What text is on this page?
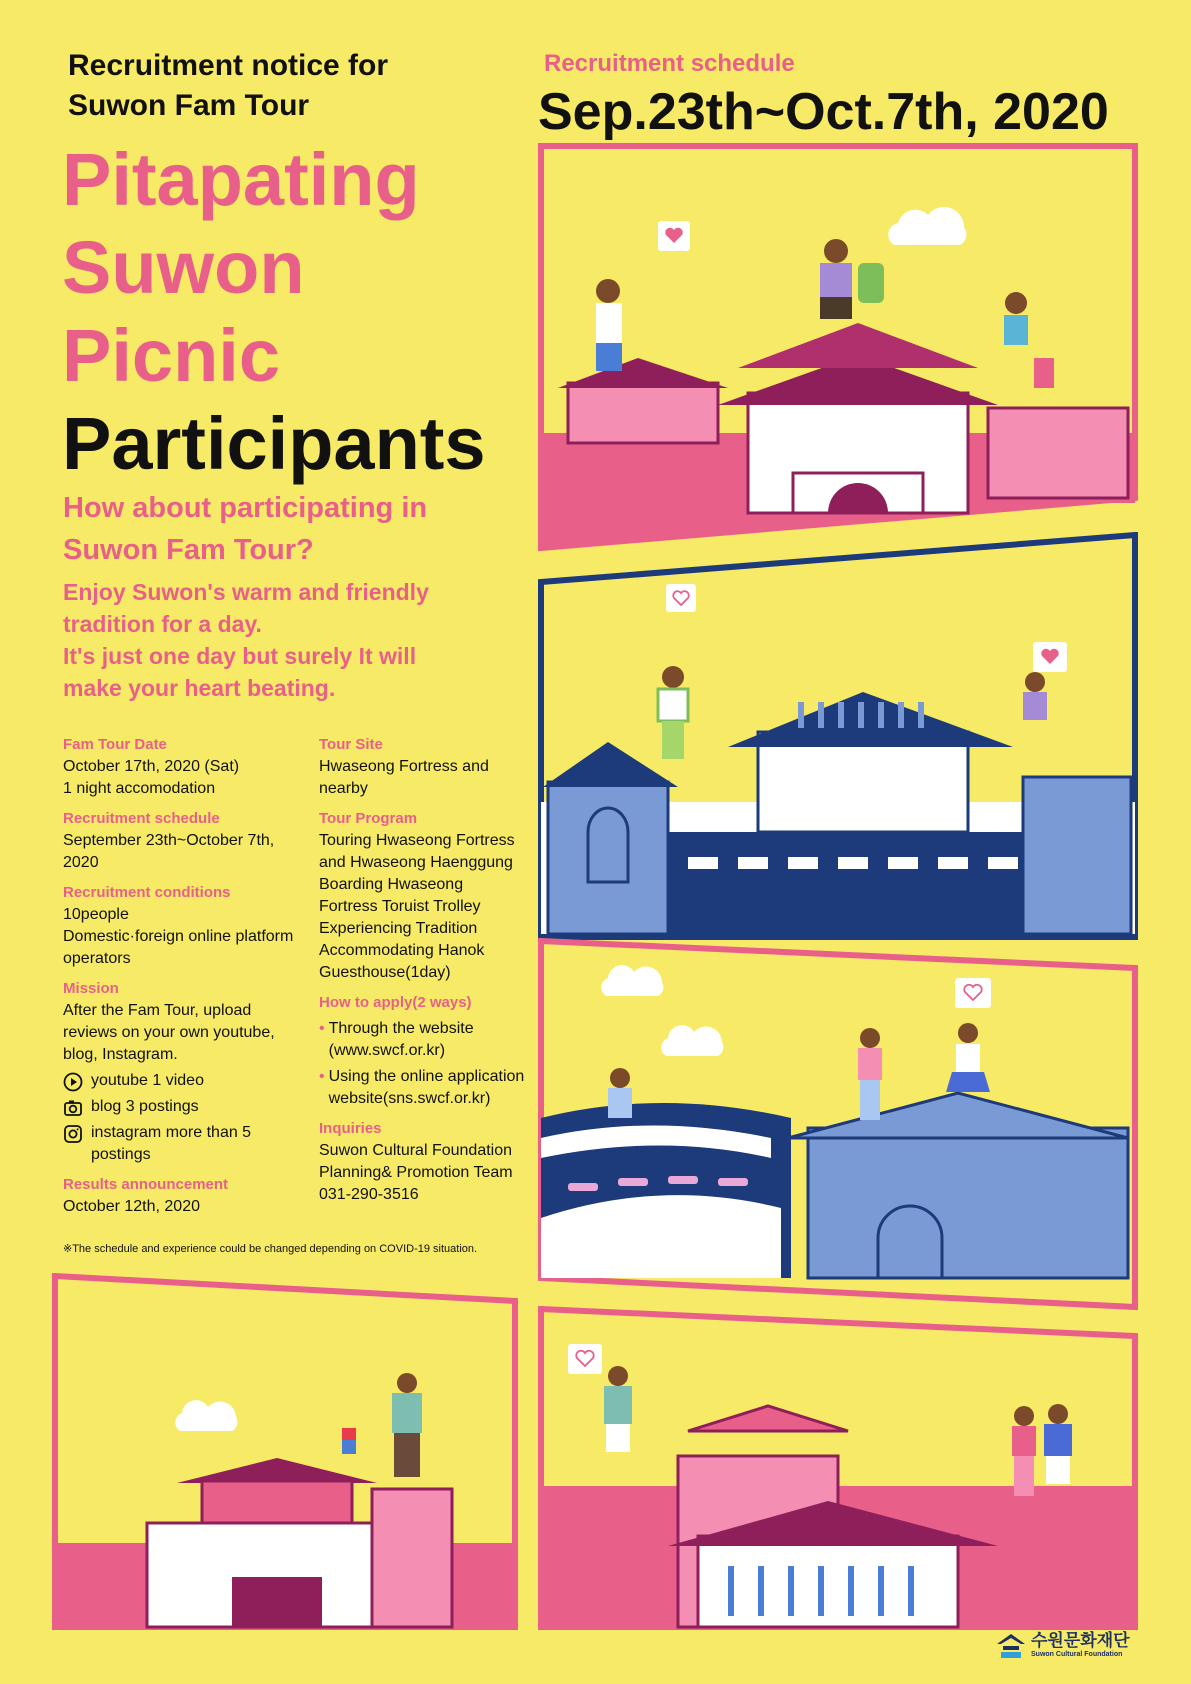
Recruitment notice for
Suwon Fam Tour
Pitapating
Suwon
Picnic
Participants
Recruitment schedule
Sep.23th~Oct.7th, 2020
How about participating in
Suwon Fam Tour?
Enjoy Suwon's warm and friendly
tradition for a day.
It's just one day but surely It will
make your heart beating.
Fam Tour Date
October 17th, 2020 (Sat)
1 night accomodation
Recruitment schedule
September 23th~October 7th,
2020
Recruitment conditions
10people
Domestic·foreign online platform
operators
Mission
After the Fam Tour, upload
reviews on your own youtube,
blog, Instagram.
youtube 1 video
blog 3 postings
instagram more than 5
postings
Results announcement
October 12th, 2020
Tour Site
Hwaseong Fortress and
nearby
Tour Program
Touring Hwaseong Fortress
and Hwaseong Haenggung
Boarding Hwaseong
Fortress Toruist Trolley
Experiencing Tradition
Accommodating Hanok
Guesthouse(1day)
How to apply(2 ways)
• Through the website
(www.swcf.or.kr)
• Using the online application
website(sns.swcf.or.kr)
Inquiries
Suwon Cultural Foundation
Planning& Promotion Team
031-290-3516
※The schedule and experience could be changed depending on COVID-19 situation.
수원문화재단
Suwon Cultural Foundation
